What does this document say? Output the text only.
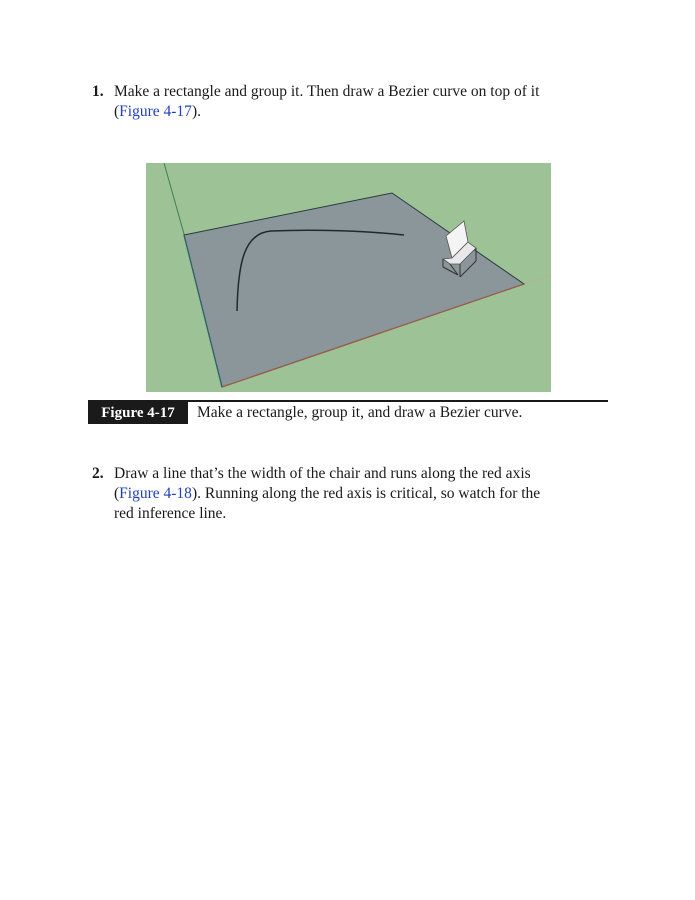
1. Make a rectangle and group it. Then draw a Bezier curve on top of it
(Figure 4-17).
Figure 4-17	Make a rectangle, group it, and draw a Bezier curve.
2. Draw a line that’s the width of the chair and runs along the red axis
(Figure 4-18). Running along the red axis is critical, so watch for the
red inference line.
